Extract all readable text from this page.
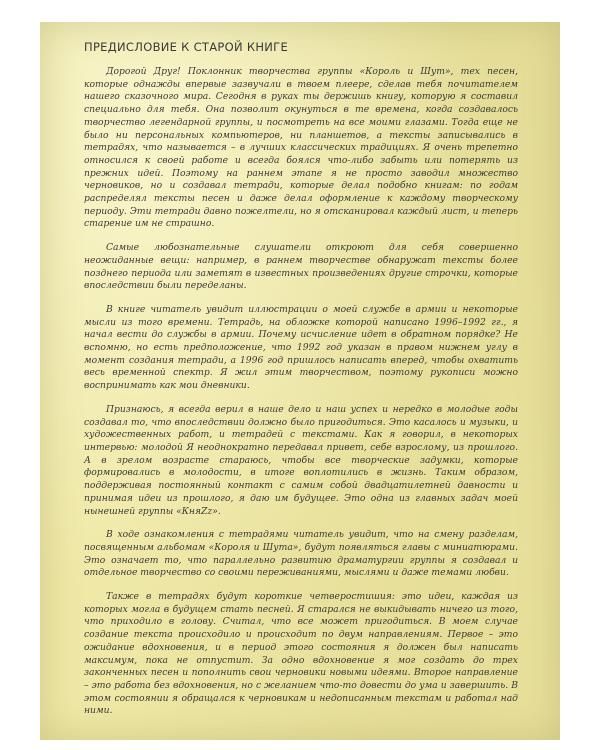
ПРЕДИСЛОВИЕ К СТАРОЙ КНИГЕ

Дорогой Друг! Поклонник творчества группы «Король и Шут», тех песен, которые однажды впервые зазвучали в твоем плеере, сделав тебя почитателем нашего сказочного мира. Сегодня в руках ты держишь книгу, которую я составил специально для тебя. Она позволит окунуться в те времена, когда создавалось творчество легендарной группы, и посмотреть на все моими глазами. Тогда еще не было ни персональных компьютеров, ни планшетов, а тексты записывались в тетрадях, что называется – в лучших классических традициях. Я очень трепетно относился к своей работе и всегда боялся что-либо забыть или потерять из прежних идей. Поэтому на раннем этапе я не просто заводил множество черновиков, но и создавал тетради, которые делал подобно книгам: по годам распределял тексты песен и даже делал оформление к каждому творческому периоду. Эти тетради давно пожелтели, но я отсканировал каждый лист, и теперь старение им не страшно.

Самые любознательные слушатели откроют для себя совершенно неожиданные вещи: например, в раннем творчестве обнаружат тексты более позднего периода или заметят в известных произведениях другие строчки, которые впоследствии были переделаны.

В книге читатель увидит иллюстрации о моей службе в армии и некоторые мысли из того времени. Тетрадь, на обложке которой написано 1996–1992 гг., я начал вести до службы в армии. Почему исчисление идет в обратном порядке? Не вспомню, но есть предположение, что 1992 год указан в правом нижнем углу в момент создания тетради, а 1996 год пришлось написать вперед, чтобы охватить весь временной спектр. Я жил этим творчеством, поэтому рукописи можно воспринимать как мои дневники.

Признаюсь, я всегда верил в наше дело и наш успех и нередко в молодые годы создавал то, что впоследствии должно было пригодиться. Это касалось и музыки, и художественных работ, и тетрадей с текстами. Как я говорил, в некоторых интервью: молодой Я неоднократно передавал привет, себе взрослому, из прошлого. А в зрелом возрасте стараюсь, чтобы все творческие задумки, которые формировались в молодости, в итоге воплотились в жизнь. Таким образом, поддерживая постоянный контакт с самим собой двадцатилетней давности и принимая идеи из прошлого, я даю им будущее. Это одна из главных задач моей нынешней группы «КняZz».

В ходе ознакомления с тетрадями читатель увидит, что на смену разделам, посвященным альбомам «Короля и Шута», будут появляться главы с миниатюрами. Это означает то, что параллельно развитию драматургии группы я создавал и отдельное творчество со своими переживаниями, мыслями и даже темами любви.

Также в тетрадях будут короткие четверостишия: это идеи, каждая из которых могла в будущем стать песней. Я старался не выкидывать ничего из того, что приходило в голову. Считал, что все может пригодиться. В моем случае создание текста происходило и происходит по двум направлениям. Первое – это ожидание вдохновения, и в период этого состояния я должен был написать максимум, пока не отпустит. За одно вдохновение я мог создать до трех законченных песен и пополнить свои черновики новыми идеями. Второе направление – это работа без вдохновения, но с желанием что-то довести до ума и завершить. В этом состоянии я обращался к черновикам и недописанным текстам и работал над ними.
